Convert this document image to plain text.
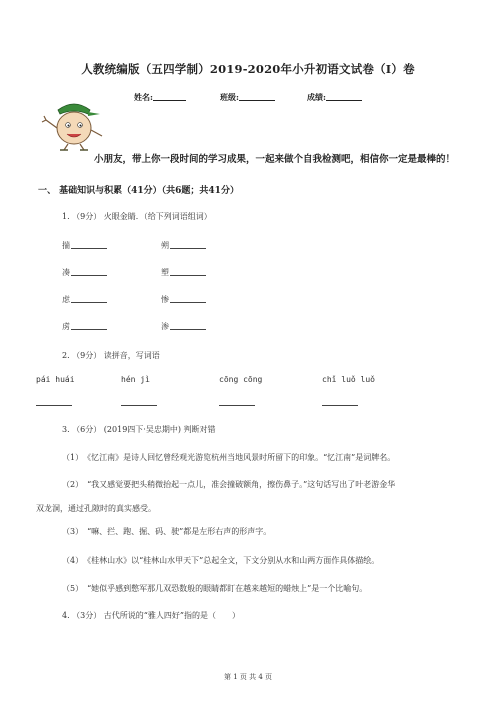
人教统编版（五四学制）2019-2020年小升初语文试卷（I）卷
姓名:	班级:	成绩:
小朋友，带上你一段时间的学习成果，一起来做个自我检测吧，相信你一定是最棒的！
一、 基础知识与积累（41分）（共6题；共41分）
1. （9分） 火眼金睛．（给下列词语组词）
揣	朔
凑	塑
虑	惨
虏	渗
2. （9分） 读拼音，写词语
pái huái	hén jì	cōng cōng	chǐ luǒ luǒ
3. （6分） (2019四下·吴忠期中) 判断对错
（1）　《忆江南》是诗人回忆曾经观光游览杭州当地风景时所留下的印象。“忆江南”是词牌名。
（2）　“我又感觉要把头稍微抬起一点儿，准会撞破额角，擦伤鼻子。”这句话写出了叶老游金华
双龙洞，通过孔隙时的真实感受。
（3）　“嘛、拦、跑、掘、码、驶”都是左形右声的形声字。
（4）　《桂林山水》以“桂林山水甲天下”总起全文，下文分别从水和山两方面作具体描绘。
（5）　“她似乎感到憋军那几双恐数般的眼睛都盯在越来越短的蜡烛上”是一个比喻句。
4. （3分） 古代所说的“雅人四好”指的是（　　）
第 1 页 共 4 页
